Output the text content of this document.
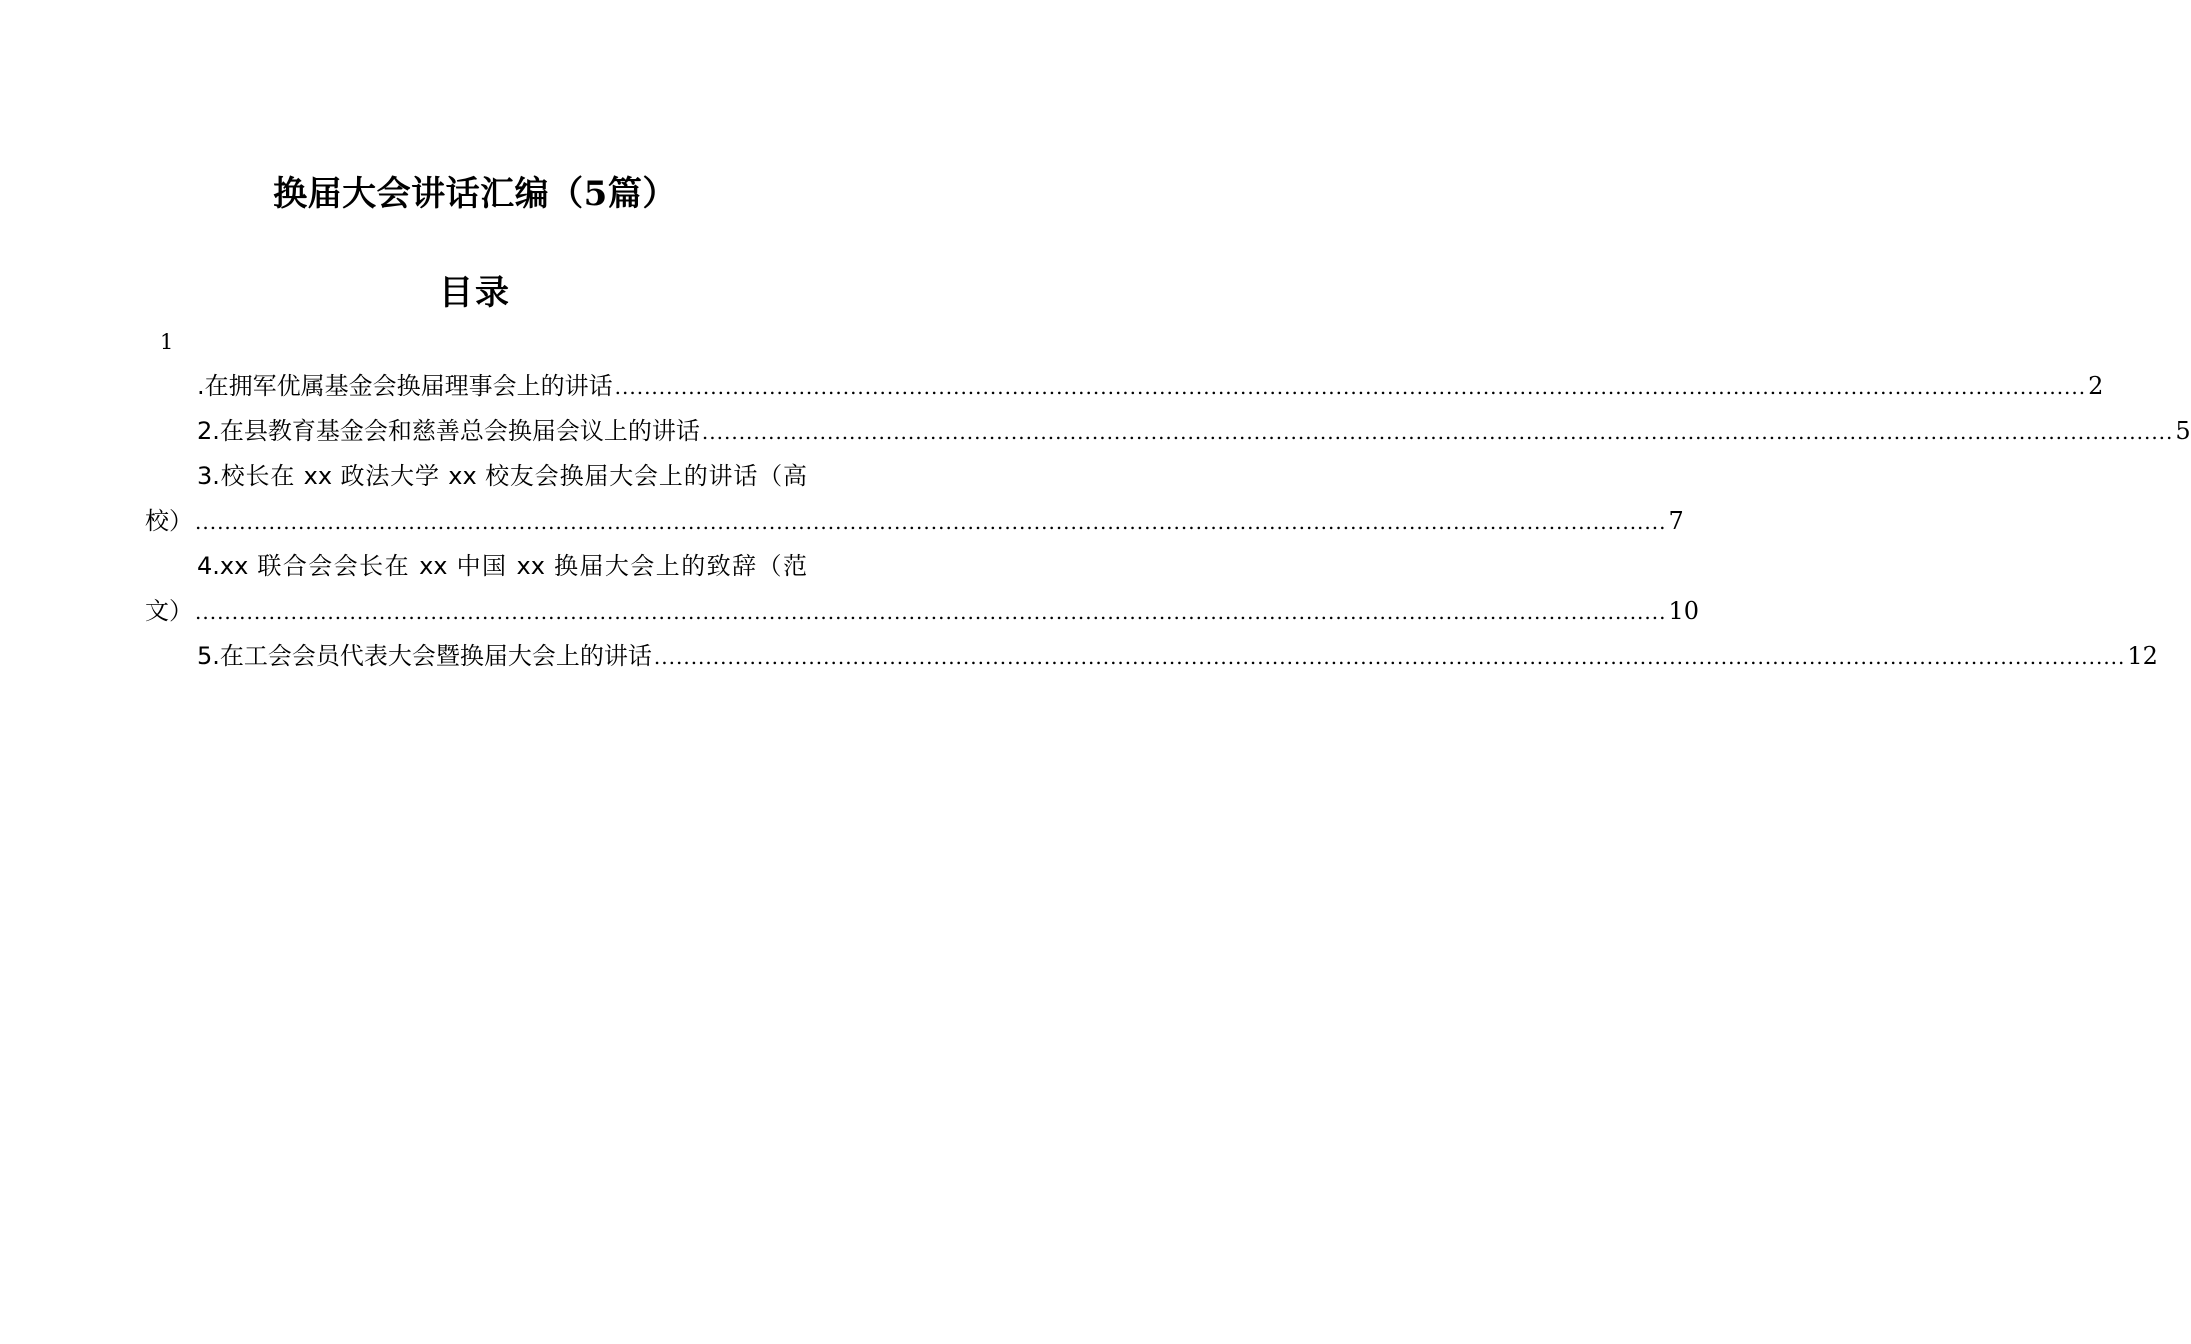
换届大会讲话汇编（5篇）
目录
1
.在拥军优属基金会换届理事会上的讲话 ........................................................................................................................................................................................................ 2
2.在县教育基金会和慈善总会换届会议上的讲话 ........................................................................................................................................................................................................ 5
3.校长在 xx 政法大学 xx 校友会换届大会上的讲话（高
校） ........................................................................................................................................................................................................ 7
4.xx 联合会会长在 xx 中国 xx 换届大会上的致辞（范
文） ........................................................................................................................................................................................................ 10
5.在工会会员代表大会暨换届大会上的讲话 ........................................................................................................................................................................................................ 12
